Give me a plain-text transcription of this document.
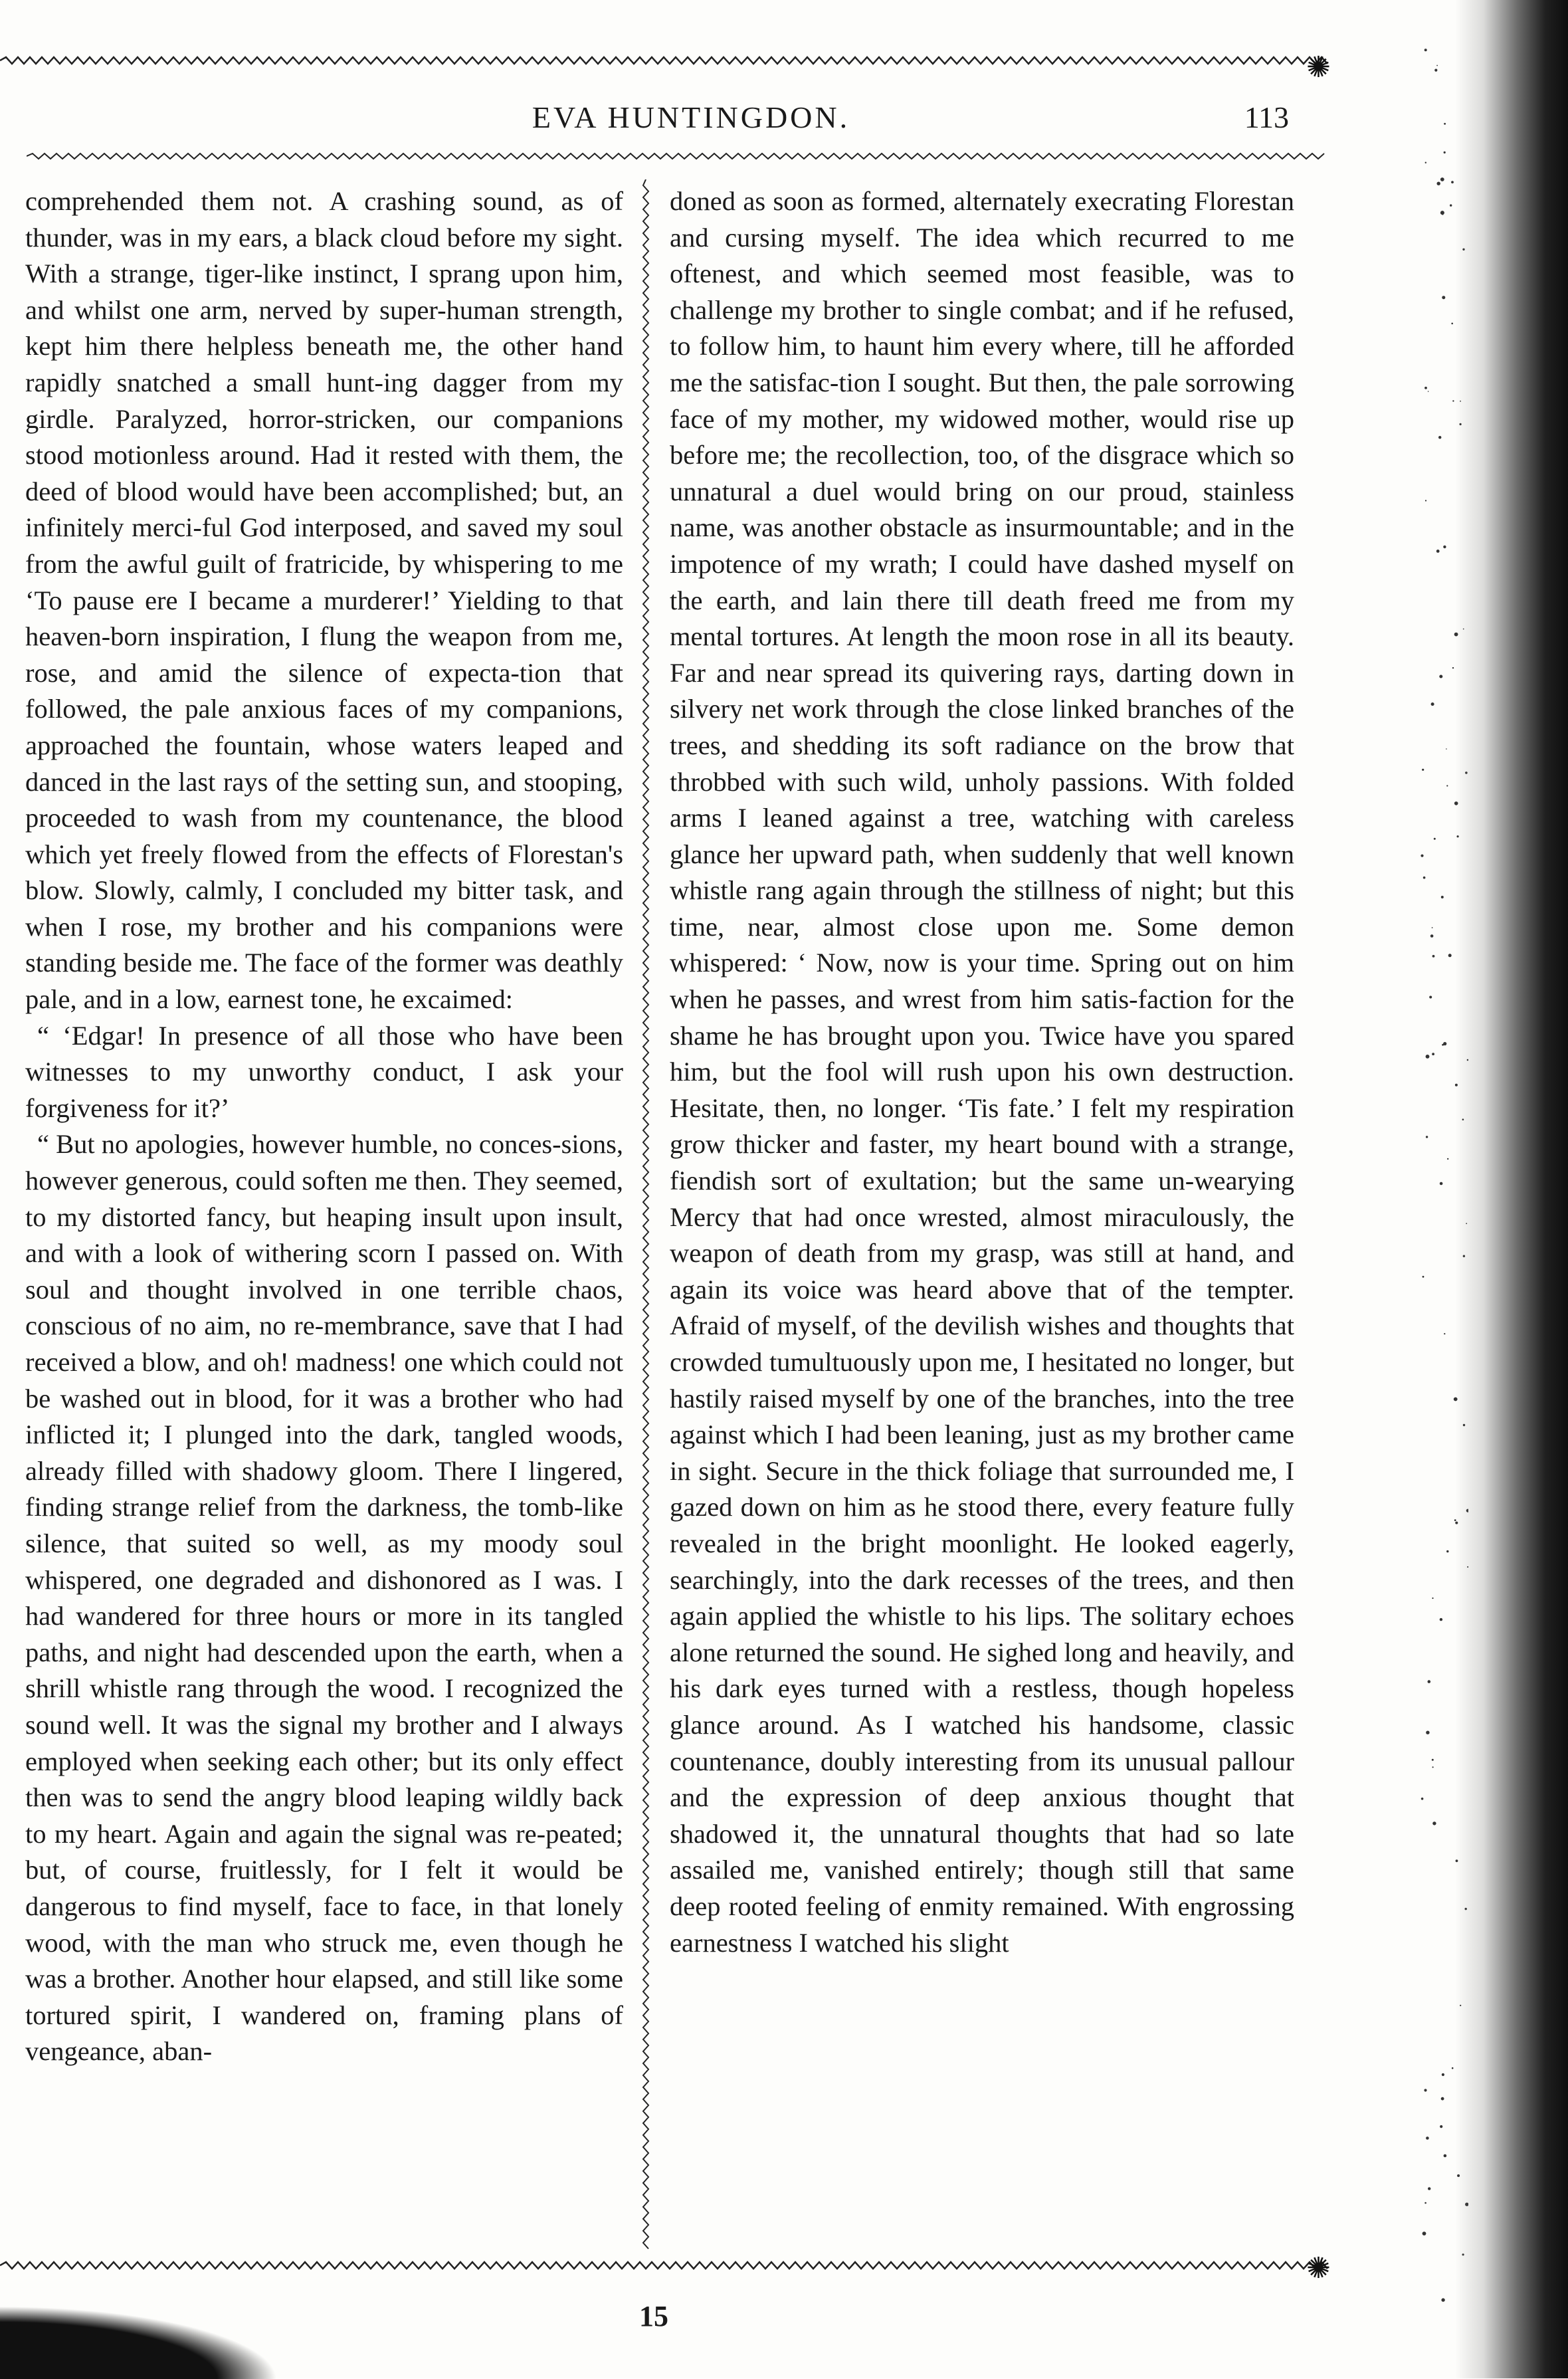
✺
EVA HUNTINGDON.	113

comprehended them not. A crashing sound, as of thunder, was in my ears, a black cloud before my sight. With a strange, tiger-like instinct, I sprang upon him, and whilst one arm, nerved by super-human strength, kept him there helpless beneath me, the other hand rapidly snatched a small hunt-ing dagger from my girdle. Paralyzed, horror-stricken, our companions stood motionless around. Had it rested with them, the deed of blood would have been accomplished; but, an infinitely merci-ful God interposed, and saved my soul from the awful guilt of fratricide, by whispering to me ‘To pause ere I became a murderer!’ Yielding to that heaven-born inspiration, I flung the weapon from me, rose, and amid the silence of expecta-tion that followed, the pale anxious faces of my companions, approached the fountain, whose waters leaped and danced in the last rays of the setting sun, and stooping, proceeded to wash from my countenance, the blood which yet freely flowed from the effects of Florestan's blow. Slowly, calmly, I concluded my bitter task, and when I rose, my brother and his companions were standing beside me. The face of the former was deathly pale, and in a low, earnest tone, he excaimed:

“ ‘Edgar! In presence of all those who have been witnesses to my unworthy conduct, I ask your forgiveness for it?’

“ But no apologies, however humble, no conces-sions, however generous, could soften me then. They seemed, to my distorted fancy, but heaping insult upon insult, and with a look of withering scorn I passed on. With soul and thought involved in one terrible chaos, conscious of no aim, no re-membrance, save that I had received a blow, and oh! madness! one which could not be washed out in blood, for it was a brother who had inflicted it; I plunged into the dark, tangled woods, already filled with shadowy gloom. There I lingered, finding strange relief from the darkness, the tomb-like silence, that suited so well, as my moody soul whispered, one degraded and dishonored as I was. I had wandered for three hours or more in its tangled paths, and night had descended upon the earth, when a shrill whistle rang through the wood. I recognized the sound well. It was the signal my brother and I always employed when seeking each other; but its only effect then was to send the angry blood leaping wildly back to my heart. Again and again the signal was re-peated; but, of course, fruitlessly, for I felt it would be dangerous to find myself, face to face, in that lonely wood, with the man who struck me, even though he was a brother. Another hour elapsed, and still like some tortured spirit, I wandered on, framing plans of vengeance, aban-

doned as soon as formed, alternately execrating Florestan and cursing myself. The idea which recurred to me oftenest, and which seemed most feasible, was to challenge my brother to single combat; and if he refused, to follow him, to haunt him every where, till he afforded me the satisfac-tion I sought. But then, the pale sorrowing face of my mother, my widowed mother, would rise up before me; the recollection, too, of the disgrace which so unnatural a duel would bring on our proud, stainless name, was another obstacle as insurmountable; and in the impotence of my wrath; I could have dashed myself on the earth, and lain there till death freed me from my mental tortures. At length the moon rose in all its beauty. Far and near spread its quivering rays, darting down in silvery net work through the close linked branches of the trees, and shedding its soft radiance on the brow that throbbed with such wild, unholy passions. With folded arms I leaned against a tree, watching with careless glance her upward path, when suddenly that well known whistle rang again through the stillness of night; but this time, near, almost close upon me. Some demon whispered: ‘ Now, now is your time. Spring out on him when he passes, and wrest from him satis-faction for the shame he has brought upon you. Twice have you spared him, but the fool will rush upon his own destruction. Hesitate, then, no longer. ‘Tis fate.’ I felt my respiration grow thicker and faster, my heart bound with a strange, fiendish sort of exultation; but the same un-wearying Mercy that had once wrested, almost miraculously, the weapon of death from my grasp, was still at hand, and again its voice was heard above that of the tempter. Afraid of myself, of the devilish wishes and thoughts that crowded tumultuously upon me, I hesitated no longer, but hastily raised myself by one of the branches, into the tree against which I had been leaning, just as my brother came in sight. Secure in the thick foliage that surrounded me, I gazed down on him as he stood there, every feature fully revealed in the bright moonlight. He looked eagerly, searchingly, into the dark recesses of the trees, and then again applied the whistle to his lips. The solitary echoes alone returned the sound. He sighed long and heavily, and his dark eyes turned with a restless, though hopeless glance around. As I watched his handsome, classic countenance, doubly interesting from its unusual pallour and the expression of deep anxious thought that shadowed it, the unnatural thoughts that had so late assailed me, vanished entirely; though still that same deep rooted feeling of enmity remained. With engrossing earnestness I watched his slight

✺
15
